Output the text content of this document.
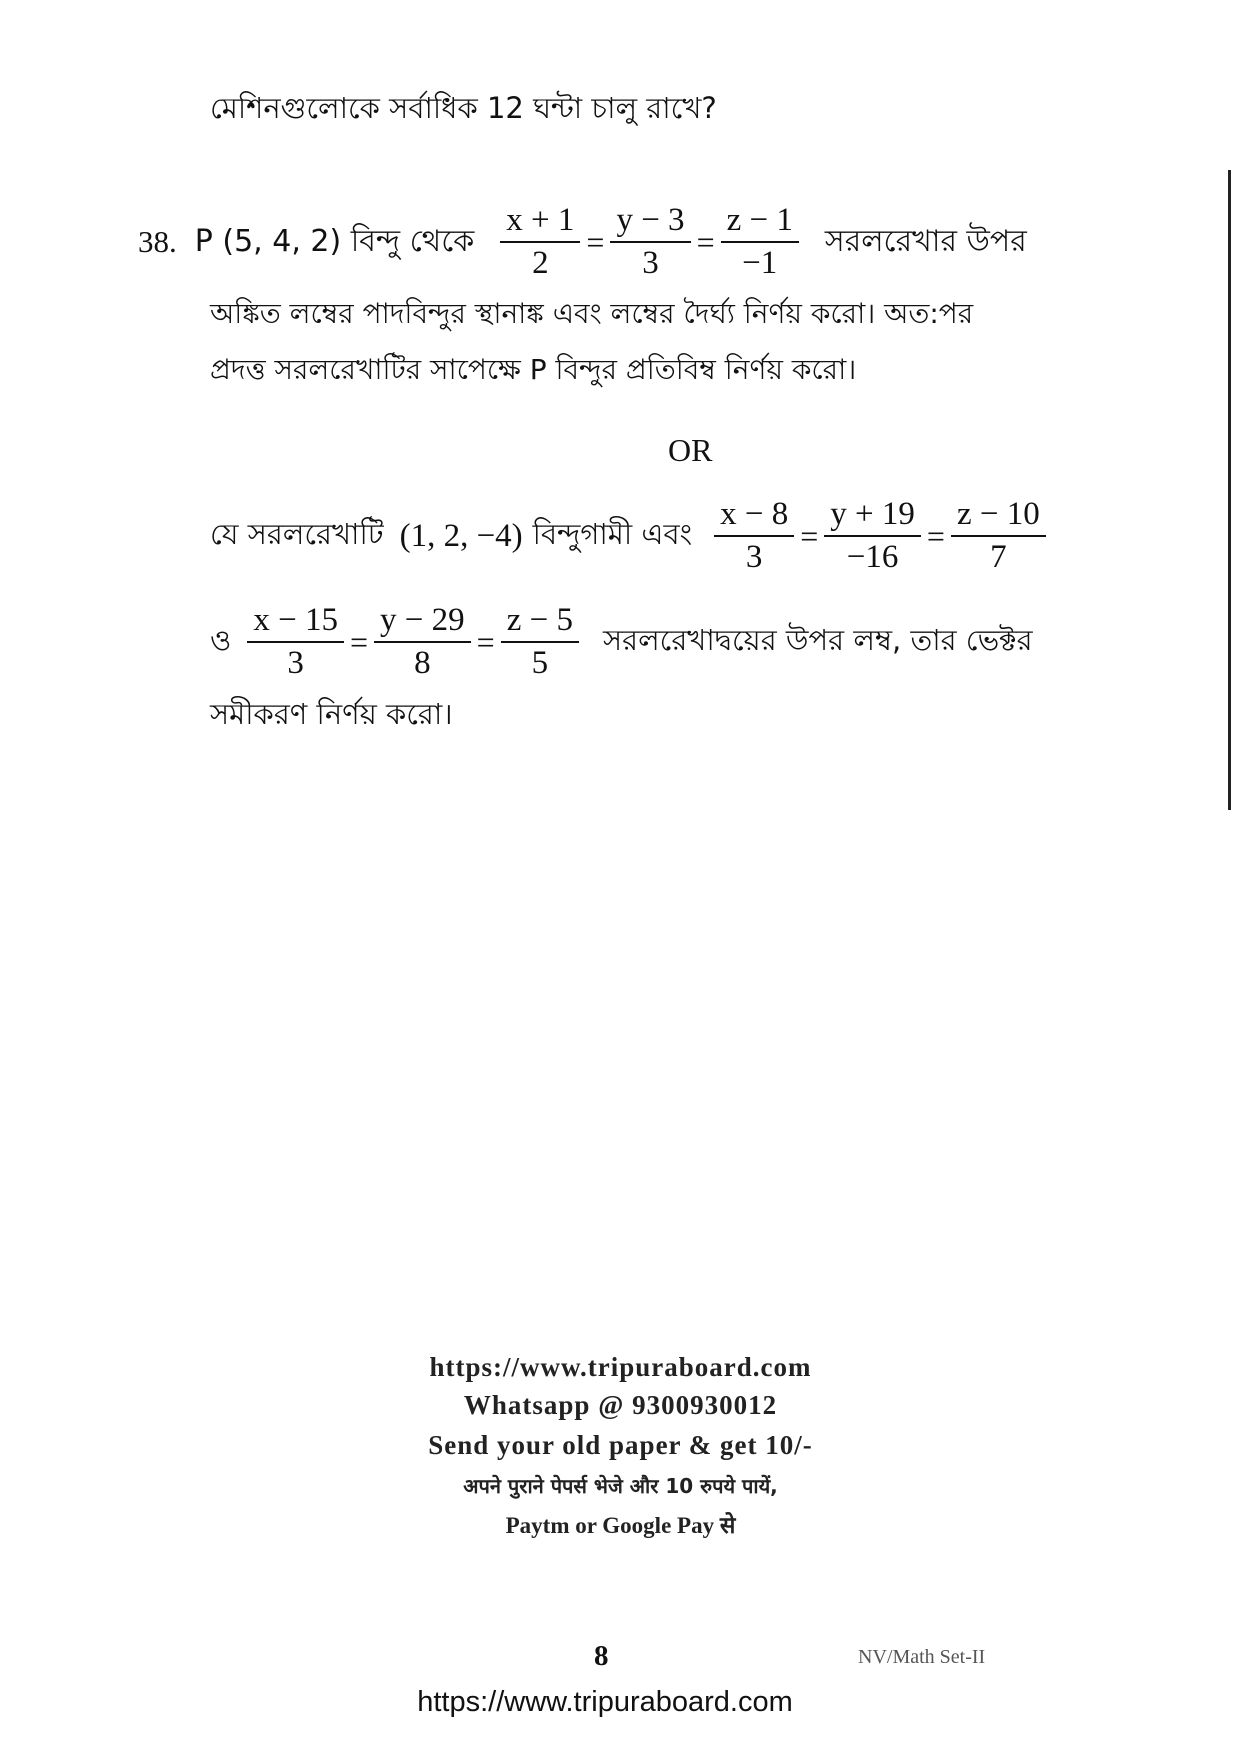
মেশিনগুলোকে সর্বাধিক 12 ঘন্টা চালু রাখে?
38. P (5, 4, 2) বিন্দু থেকে $\frac{x + 1}{2} = \frac{y - 3}{3} = \frac{z - 1}{-1}$ সরলরেখার উপর
অঙ্কিত লম্বের পাদবিন্দুর স্থানাঙ্ক এবং লম্বের দৈর্ঘ্য নির্ণয় করো। অত:পর
প্রদত্ত সরলরেখাটির সাপেক্ষে P বিন্দুর প্রতিবিম্ব নির্ণয় করো।
OR
যে সরলরেখাটি (1, 2, −4) বিন্দুগামী এবং $\frac{x - 8}{3} = \frac{y + 19}{-16} = \frac{z - 10}{7}$
ও $\frac{x - 15}{3} = \frac{y - 29}{8} = \frac{z - 5}{5}$ সরলরেখাদ্বয়ের উপর লম্ব, তার ভেক্টর
সমীকরণ নির্ণয় করো।
https://www.tripuraboard.com
Whatsapp @ 9300930012
Send your old paper & get 10/-
अपने पुराने पेपर्स भेजे और 10 रुपये पायें,
Paytm or Google Pay से
8	NV/Math Set-II
https://www.tripuraboard.com
